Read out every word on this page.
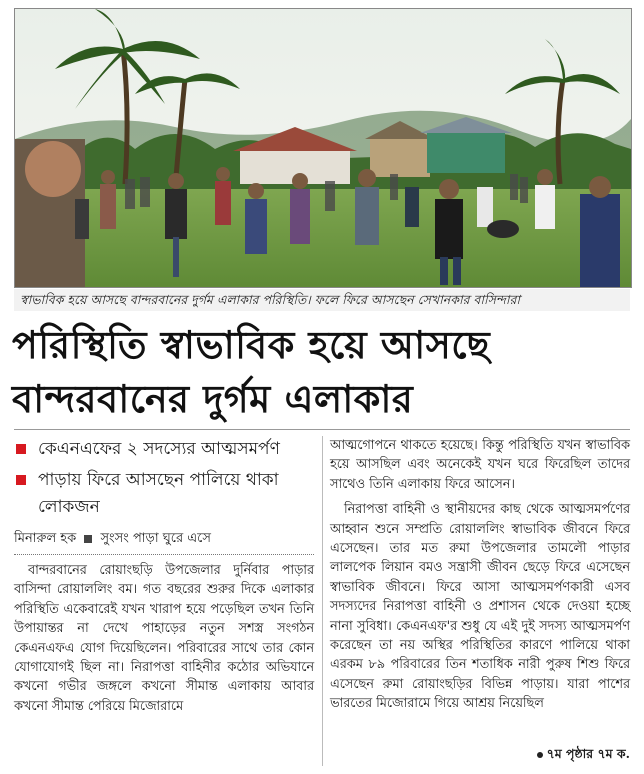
স্বাভাবিক হয়ে আসছে বান্দরবানের দুর্গম এলাকার পরিস্থিতি। ফলে ফিরে আসছেন সেখানকার বাসিন্দারা
পরিস্থিতি স্বাভাবিক হয়ে আসছে
বান্দরবানের দুর্গম এলাকার
কেএনএফের ২ সদস্যের আত্মসমর্পণ
পাড়ায় ফিরে আসছেন পালিয়ে থাকা লোকজন
মিনারুল হক সুংসং পাড়া ঘুরে এসে

বান্দরবানের রোয়াংছড়ি উপজেলার দুর্নিবার পাড়ার বাসিন্দা রোয়াললিং বম। গত বছরের শুরুর দিকে এলাকার পরিস্থিতি একেবারেই যখন খারাপ হয়ে পড়েছিল তখন তিনি উপায়ান্তর না দেখে পাহাড়ের নতুন সশস্ত্র সংগঠন কেএনএফএ যোগ দিয়েছিলেন। পরিবারের সাথে তার কোন যোগাযোগই ছিল না। নিরাপত্তা বাহিনীর কঠোর অভিযানে কখনো গভীর জঙ্গলে কখনো সীমান্ত এলাকায় আবার কখনো সীমান্ত পেরিয়ে মিজোরামে

আত্মগোপনে থাকতে হয়েছে। কিন্তু পরিস্থিতি যখন স্বাভাবিক হয়ে আসছিল এবং অনেকেই যখন ঘরে ফিরেছিল তাদের সাথেও তিনি এলাকায় ফিরে আসেন।

নিরাপত্তা বাহিনী ও স্থানীয়দের কাছ থেকে আত্মসমর্পণের আহ্বান শুনে সম্প্রতি রোয়াললিং স্বাভাবিক জীবনে ফিরে এসেছেন। তার মত রুমা উপজেলার তামলৌ পাড়ার লালপেক লিয়ান বমও সন্ত্রাসী জীবন ছেড়ে ফিরে এসেছেন স্বাভাবিক জীবনে। ফিরে আসা আত্মসমর্পণকারী এসব সদস্যদের নিরাপত্তা বাহিনী ও প্রশাসন থেকে দেওয়া হচ্ছে নানা সুবিধা। কেএনএফ'র শুধু যে এই দুই সদস্য আত্মসমর্পণ করেছেন তা নয় অস্থির পরিস্থিতির কারণে পালিয়ে থাকা এরকম ৮৯ পরিবারের তিন শতাধিক নারী পুরুষ শিশু ফিরে এসেছেন রুমা রোয়াংছড়ির বিভিন্ন পাড়ায়। যারা পাশের ভারতের মিজোরামে গিয়ে আশ্রয় নিয়েছিল

৭ম পৃষ্ঠার ৭ম ক.
